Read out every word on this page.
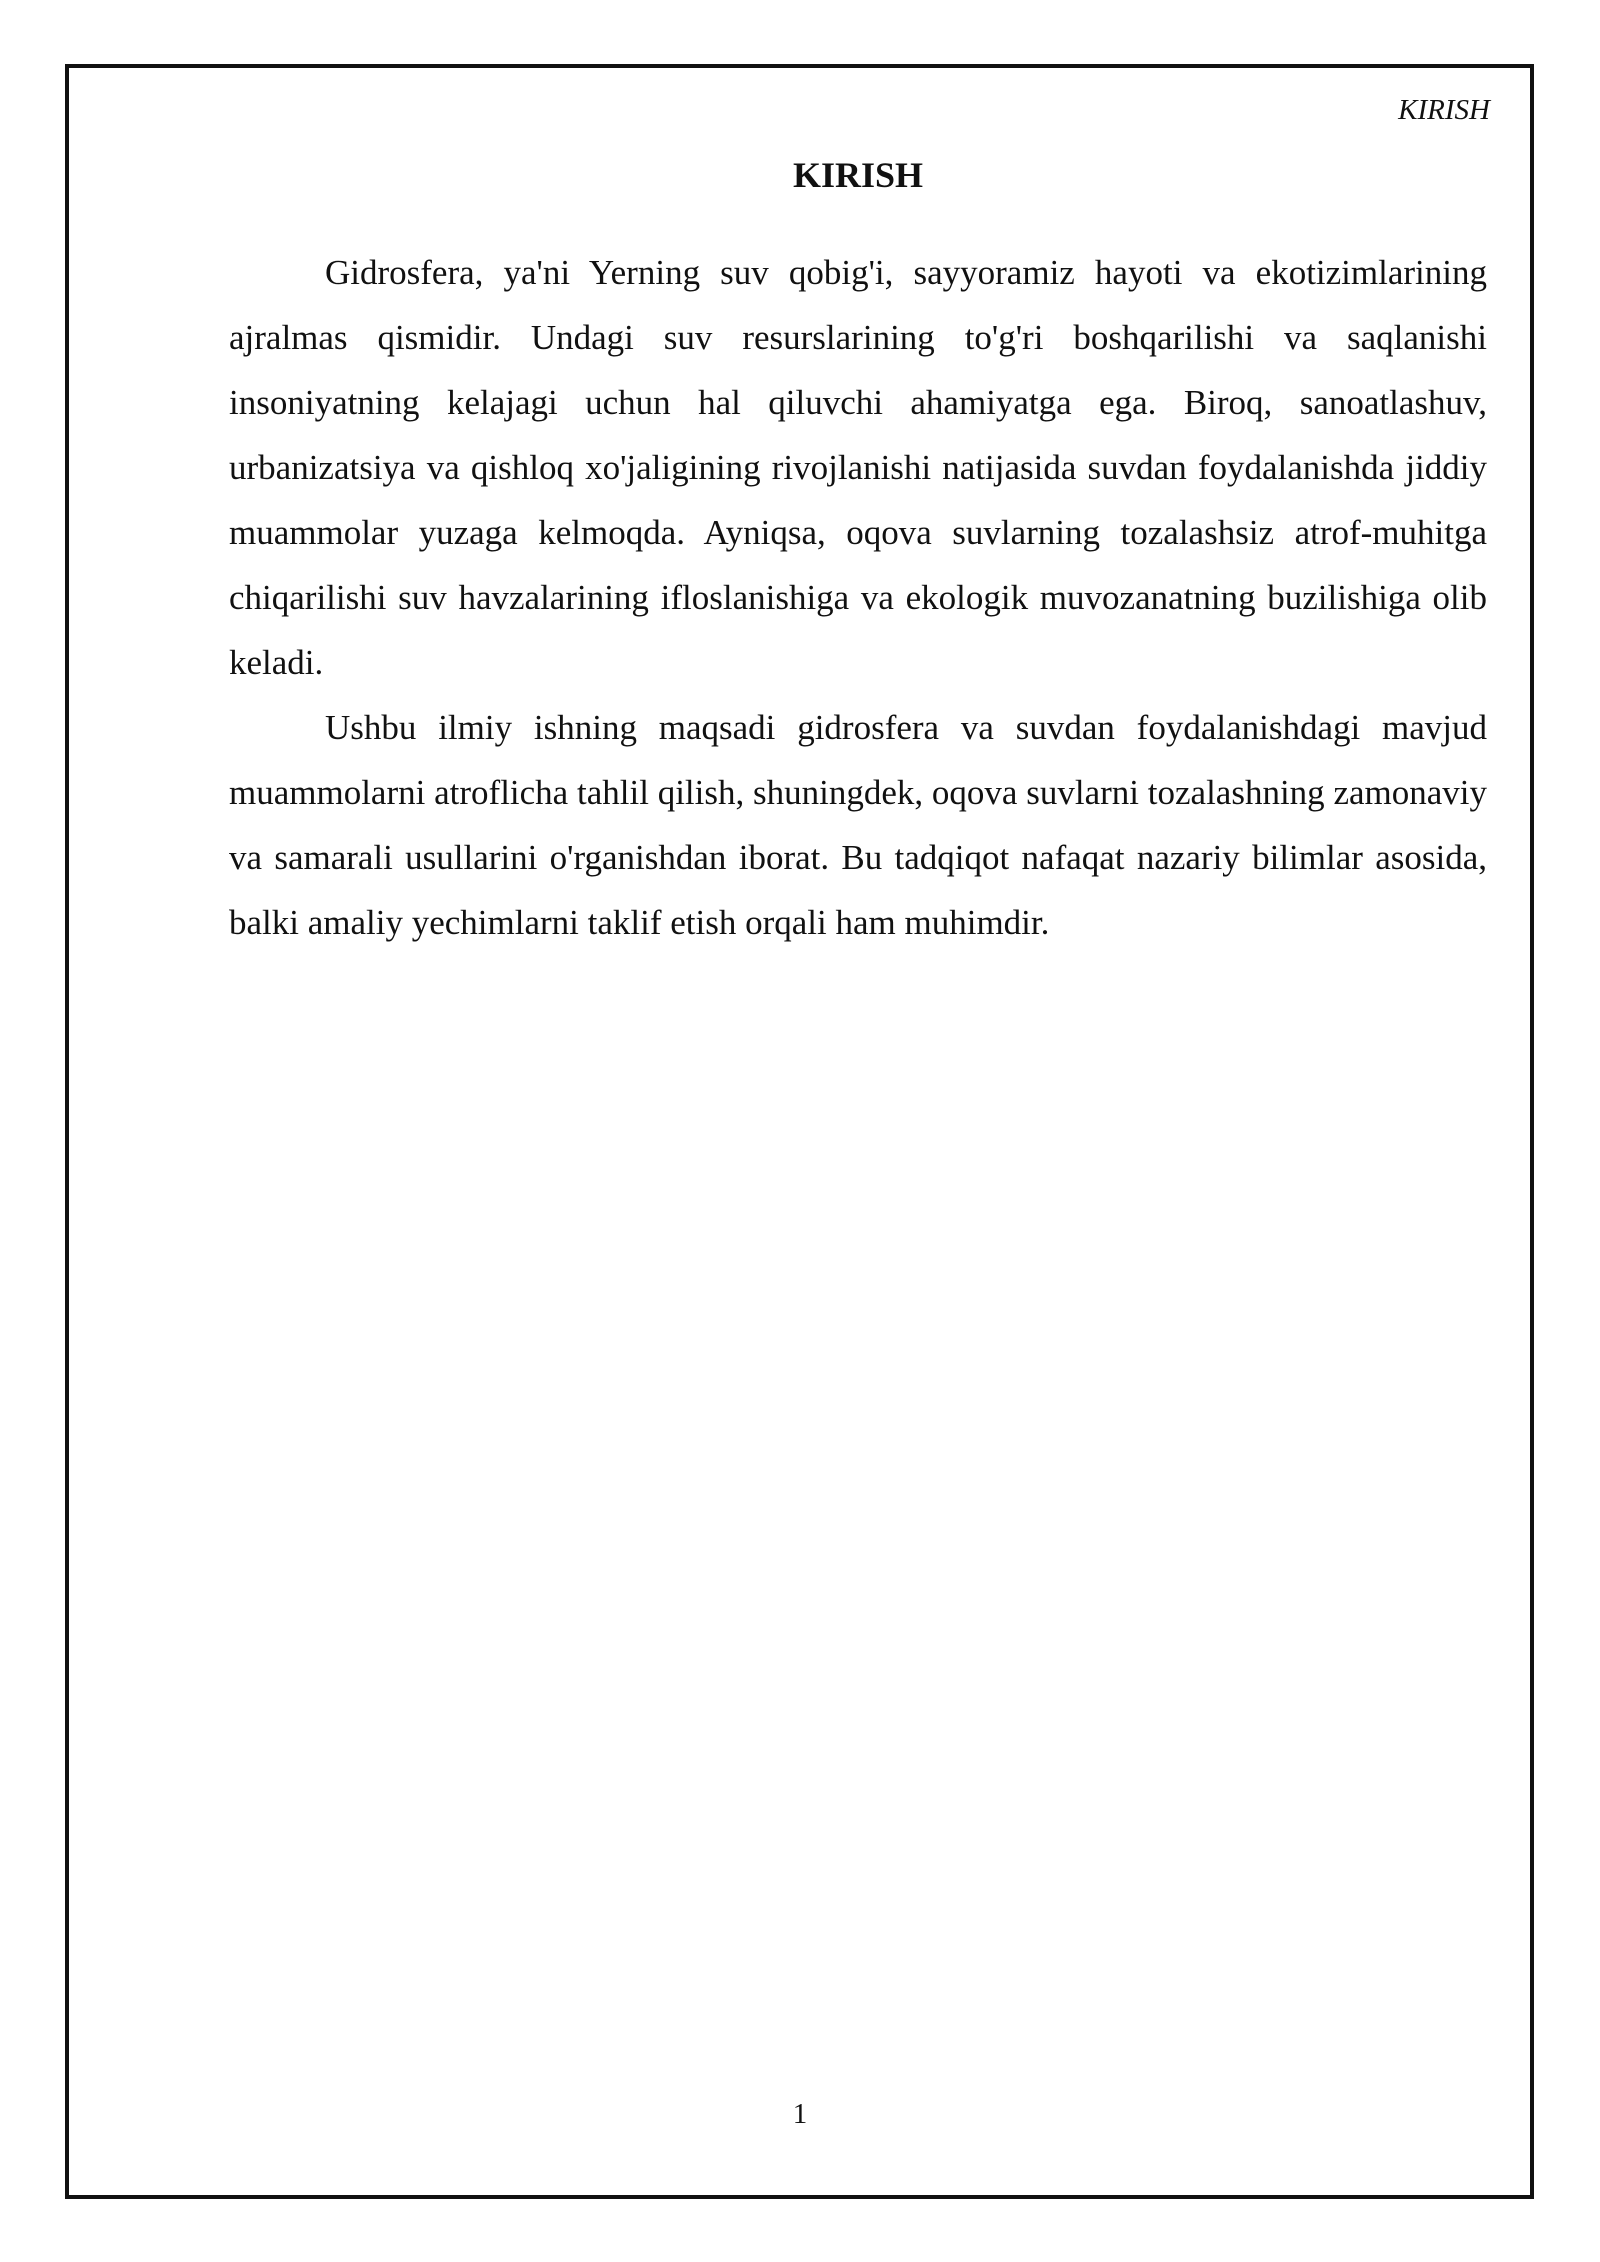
KIRISH
KIRISH

Gidrosfera, ya'ni Yerning suv qobig'i, sayyoramiz hayoti va ekotizimlarining ajralmas qismidir. Undagi suv resurslarining to'g'ri boshqarilishi va saqlanishi insoniyatning kelajagi uchun hal qiluvchi ahamiyatga ega. Biroq, sanoatlashuv, urbanizatsiya va qishloq xo'jaligining rivojlanishi natijasida suvdan foydalanishda jiddiy muammolar yuzaga kelmoqda. Ayniqsa, oqova suvlarning tozalashsiz atrof-muhitga chiqarilishi suv havzalarining ifloslanishiga va ekologik muvozanatning buzilishiga olib keladi.

Ushbu ilmiy ishning maqsadi gidrosfera va suvdan foydalanishdagi mavjud muammolarni atroflicha tahlil qilish, shuningdek, oqova suvlarni tozalashning zamonaviy va samarali usullarini o'rganishdan iborat. Bu tadqiqot nafaqat nazariy bilimlar asosida, balki amaliy yechimlarni taklif etish orqali ham muhimdir.

1
